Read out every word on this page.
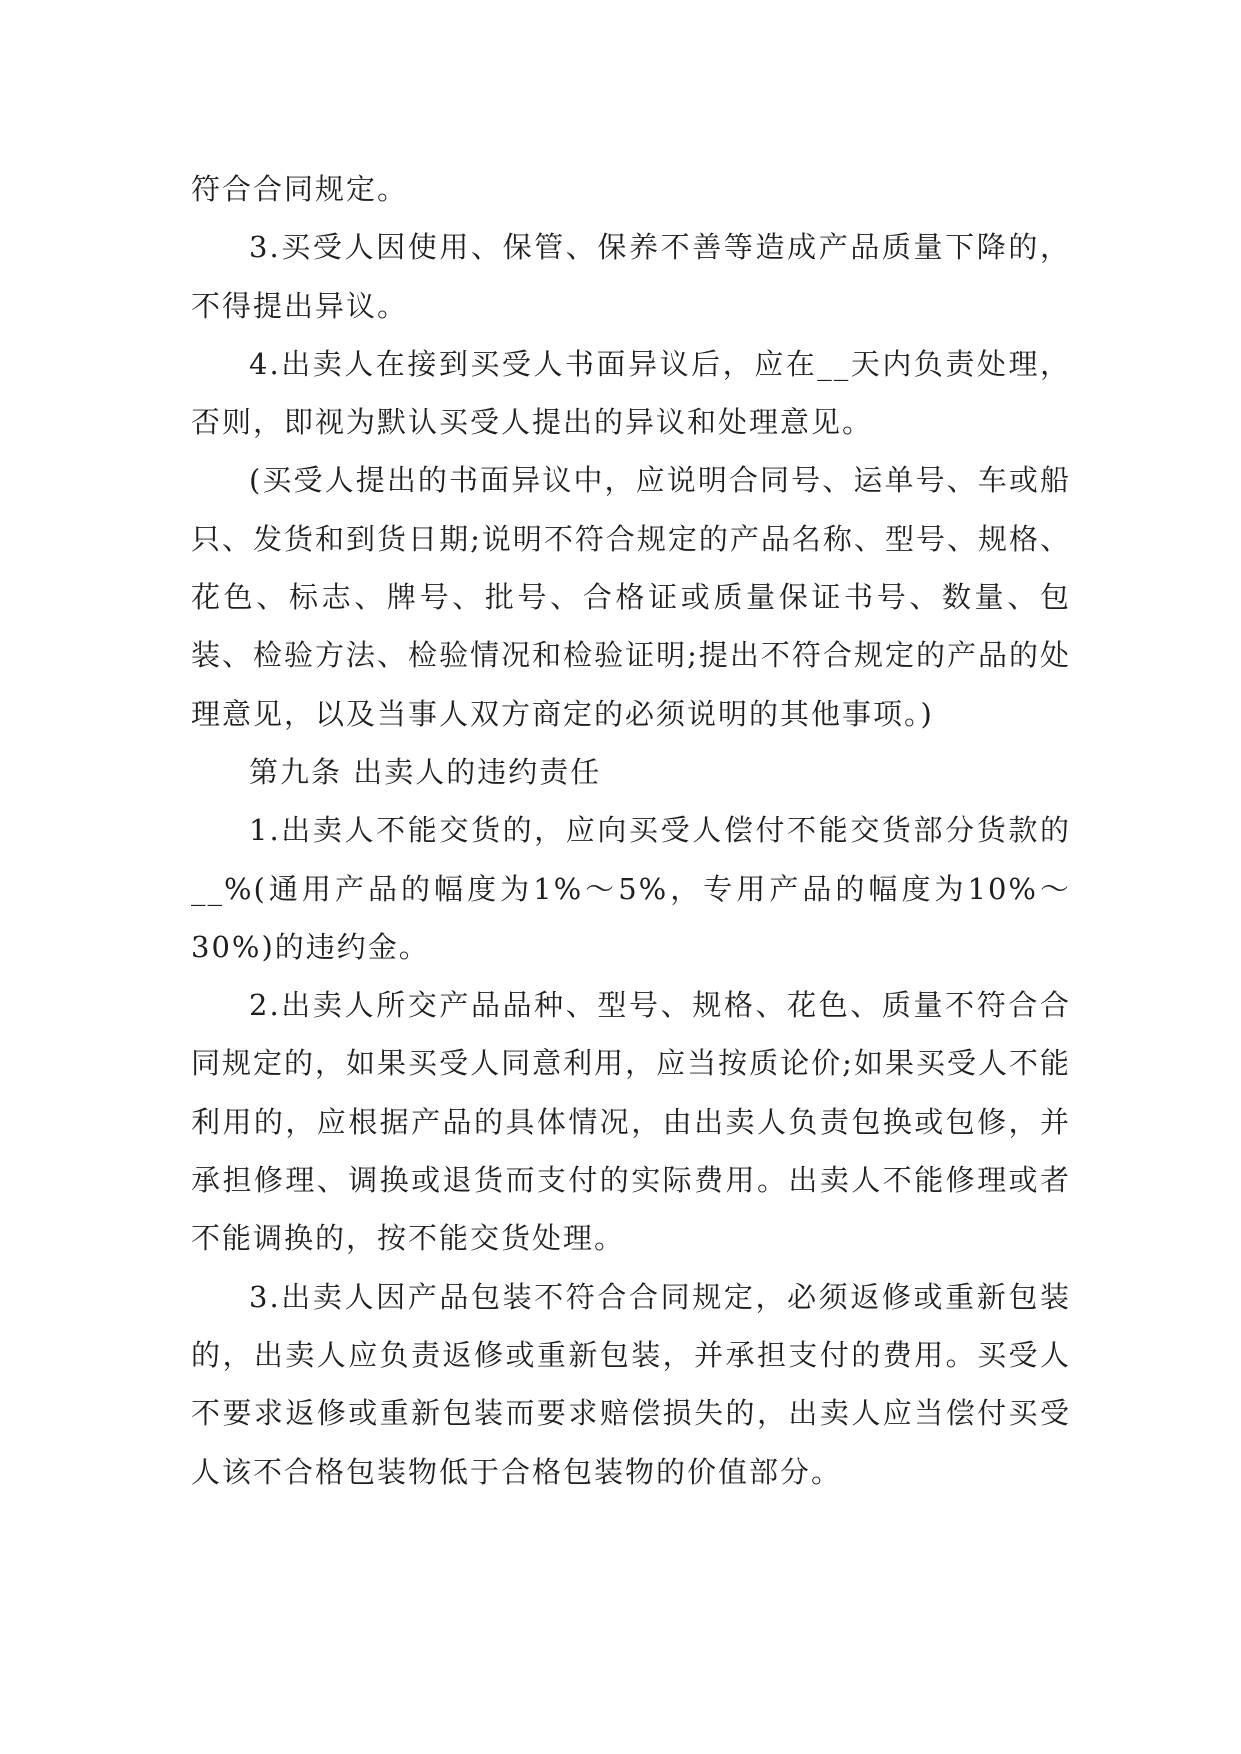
符合合同规定。

3.买受人因使用、保管、保养不善等造成产品质量下降的，不得提出异议。

4.出卖人在接到买受人书面异议后，应在__天内负责处理，否则，即视为默认买受人提出的异议和处理意见。

(买受人提出的书面异议中，应说明合同号、运单号、车或船只、发货和到货日期;说明不符合规定的产品名称、型号、规格、花色、标志、牌号、批号、合格证或质量保证书号、数量、包装、检验方法、检验情况和检验证明;提出不符合规定的产品的处理意见，以及当事人双方商定的必须说明的其他事项。)

第九条 出卖人的违约责任

1.出卖人不能交货的，应向买受人偿付不能交货部分货款的__%(通用产品的幅度为1%～5%，专用产品的幅度为10%～30%)的违约金。

2.出卖人所交产品品种、型号、规格、花色、质量不符合合同规定的，如果买受人同意利用，应当按质论价;如果买受人不能利用的，应根据产品的具体情况，由出卖人负责包换或包修，并承担修理、调换或退货而支付的实际费用。出卖人不能修理或者不能调换的，按不能交货处理。

3.出卖人因产品包装不符合合同规定，必须返修或重新包装的，出卖人应负责返修或重新包装，并承担支付的费用。买受人不要求返修或重新包装而要求赔偿损失的，出卖人应当偿付买受人该不合格包装物低于合格包装物的价值部分。
